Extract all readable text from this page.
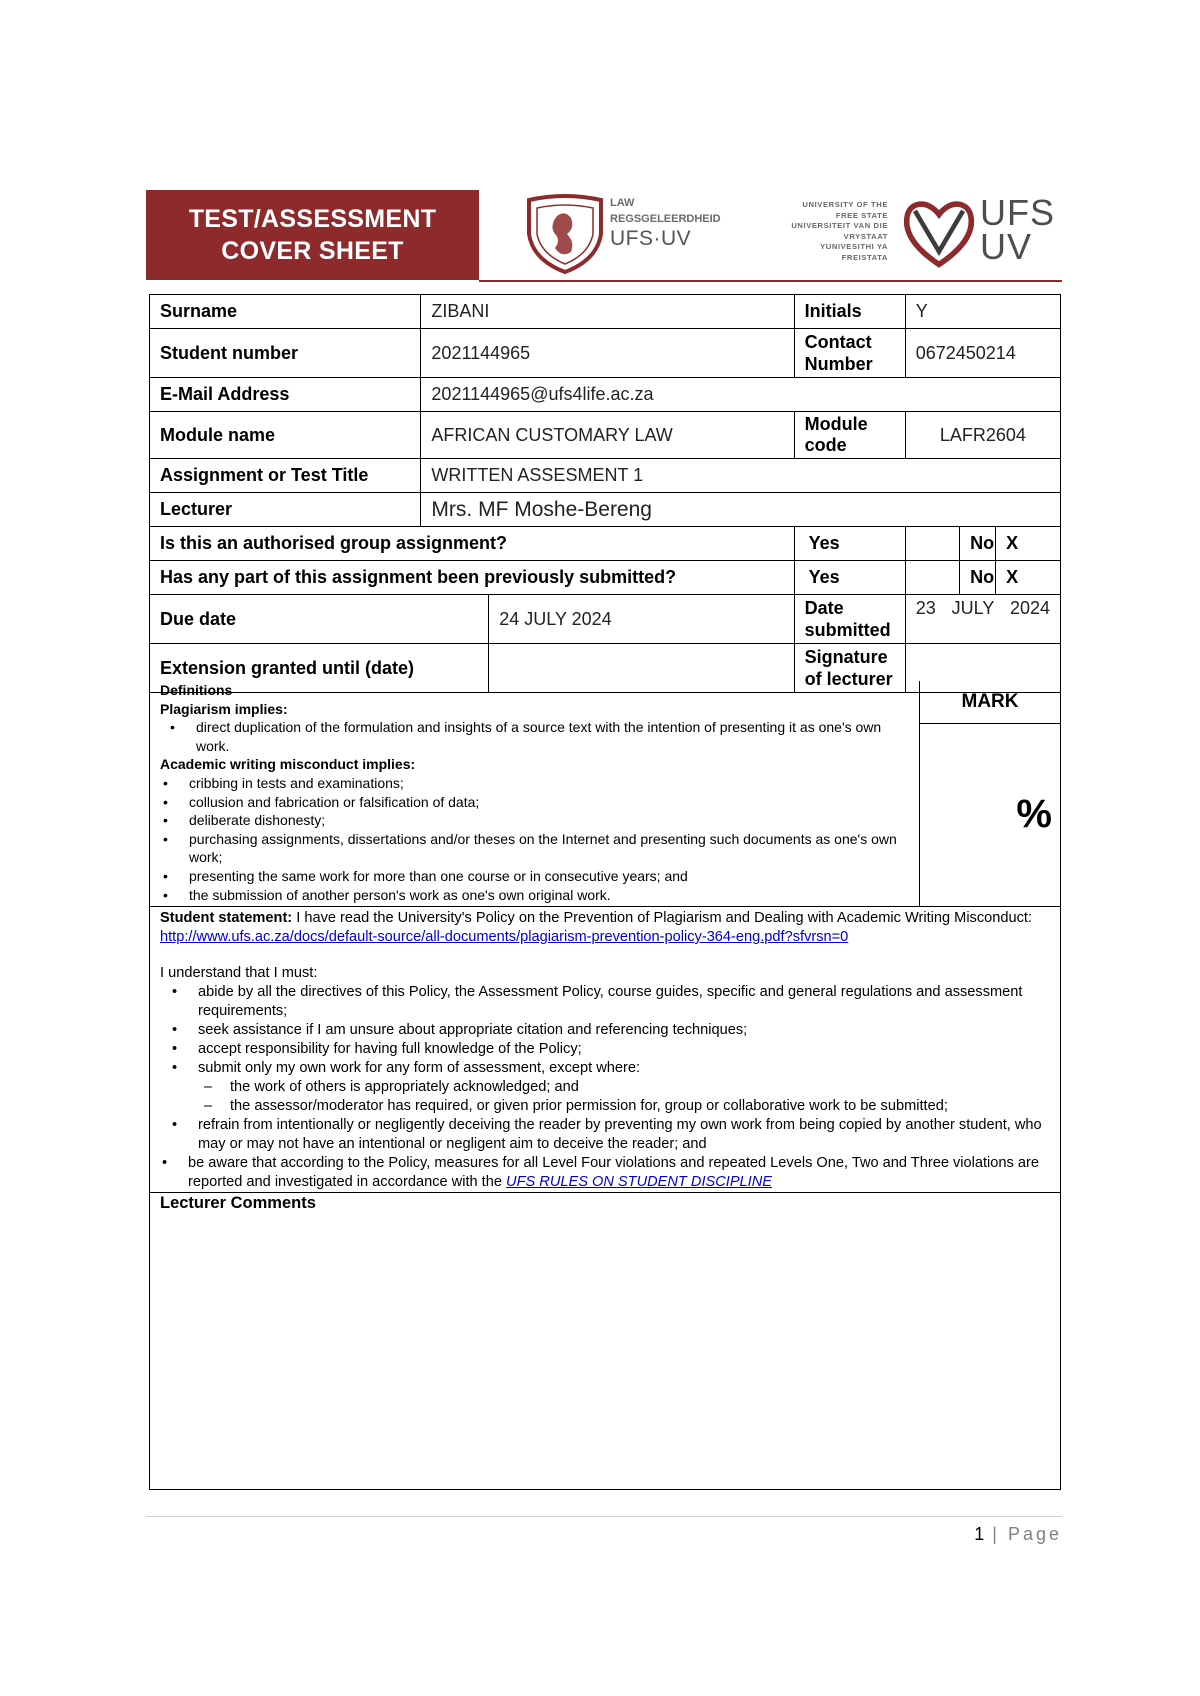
TEST/ASSESSMENT
COVER SHEET
LAW
REGSGELEERDHEID
UFS·UV
UNIVERSITY OF THE
FREE STATE
UNIVERSITEIT VAN DIE
VRYSTAAT
YUNIVESITHI YA
FREISTATA
UFS
UV
Surname	ZIBANI		Initials	Y		
Student number	2021144965		Contact Number	0672450214		
E-Mail Address	2021144965@ufs4life.ac.za					
Module name	AFRICAN CUSTOMARY LAW		Module code	LAFR2604		
Assignment or Test Title	WRITTEN ASSESMENT 1					
Lecturer	Mrs. MF Moshe-Bereng					
Is this an authorised group assignment?			Yes		No	X
Has any part of this assignment been previously submitted?			Yes		No	X
Due date		24 JULY 2024	Date submitted	23 JULY 2024		
Extension granted until (date)			Signature of lecturer			
Definitions
Plagiarism implies:
• direct duplication of the formulation and insights of a source text with the intention of presenting it as one's own work.
Academic writing misconduct implies:
• cribbing in tests and examinations;
• collusion and fabrication or falsification of data;
• deliberate dishonesty;
• purchasing assignments, dissertations and/or theses on the Internet and presenting such documents as one's own work;
• presenting the same work for more than one course or in consecutive years; and
• the submission of another person's work as one's own original work.
MARK
%
Student statement: I have read the University's Policy on the Prevention of Plagiarism and Dealing with Academic Writing Misconduct: http://www.ufs.ac.za/docs/default-source/all-documents/plagiarism-prevention-policy-364-eng.pdf?sfvrsn=0
I understand that I must:
• abide by all the directives of this Policy, the Assessment Policy, course guides, specific and general regulations and assessment requirements;
• seek assistance if I am unsure about appropriate citation and referencing techniques;
• accept responsibility for having full knowledge of the Policy;
• submit only my own work for any form of assessment, except where:
– the work of others is appropriately acknowledged; and
– the assessor/moderator has required, or given prior permission for, group or collaborative work to be submitted;
• refrain from intentionally or negligently deceiving the reader by preventing my own work from being copied by another student, who may or may not have an intentional or negligent aim to deceive the reader; and
• be aware that according to the Policy, measures for all Level Four violations and repeated Levels One, Two and Three violations are reported and investigated in accordance with the UFS RULES ON STUDENT DISCIPLINE
Lecturer Comments
1 | Page
